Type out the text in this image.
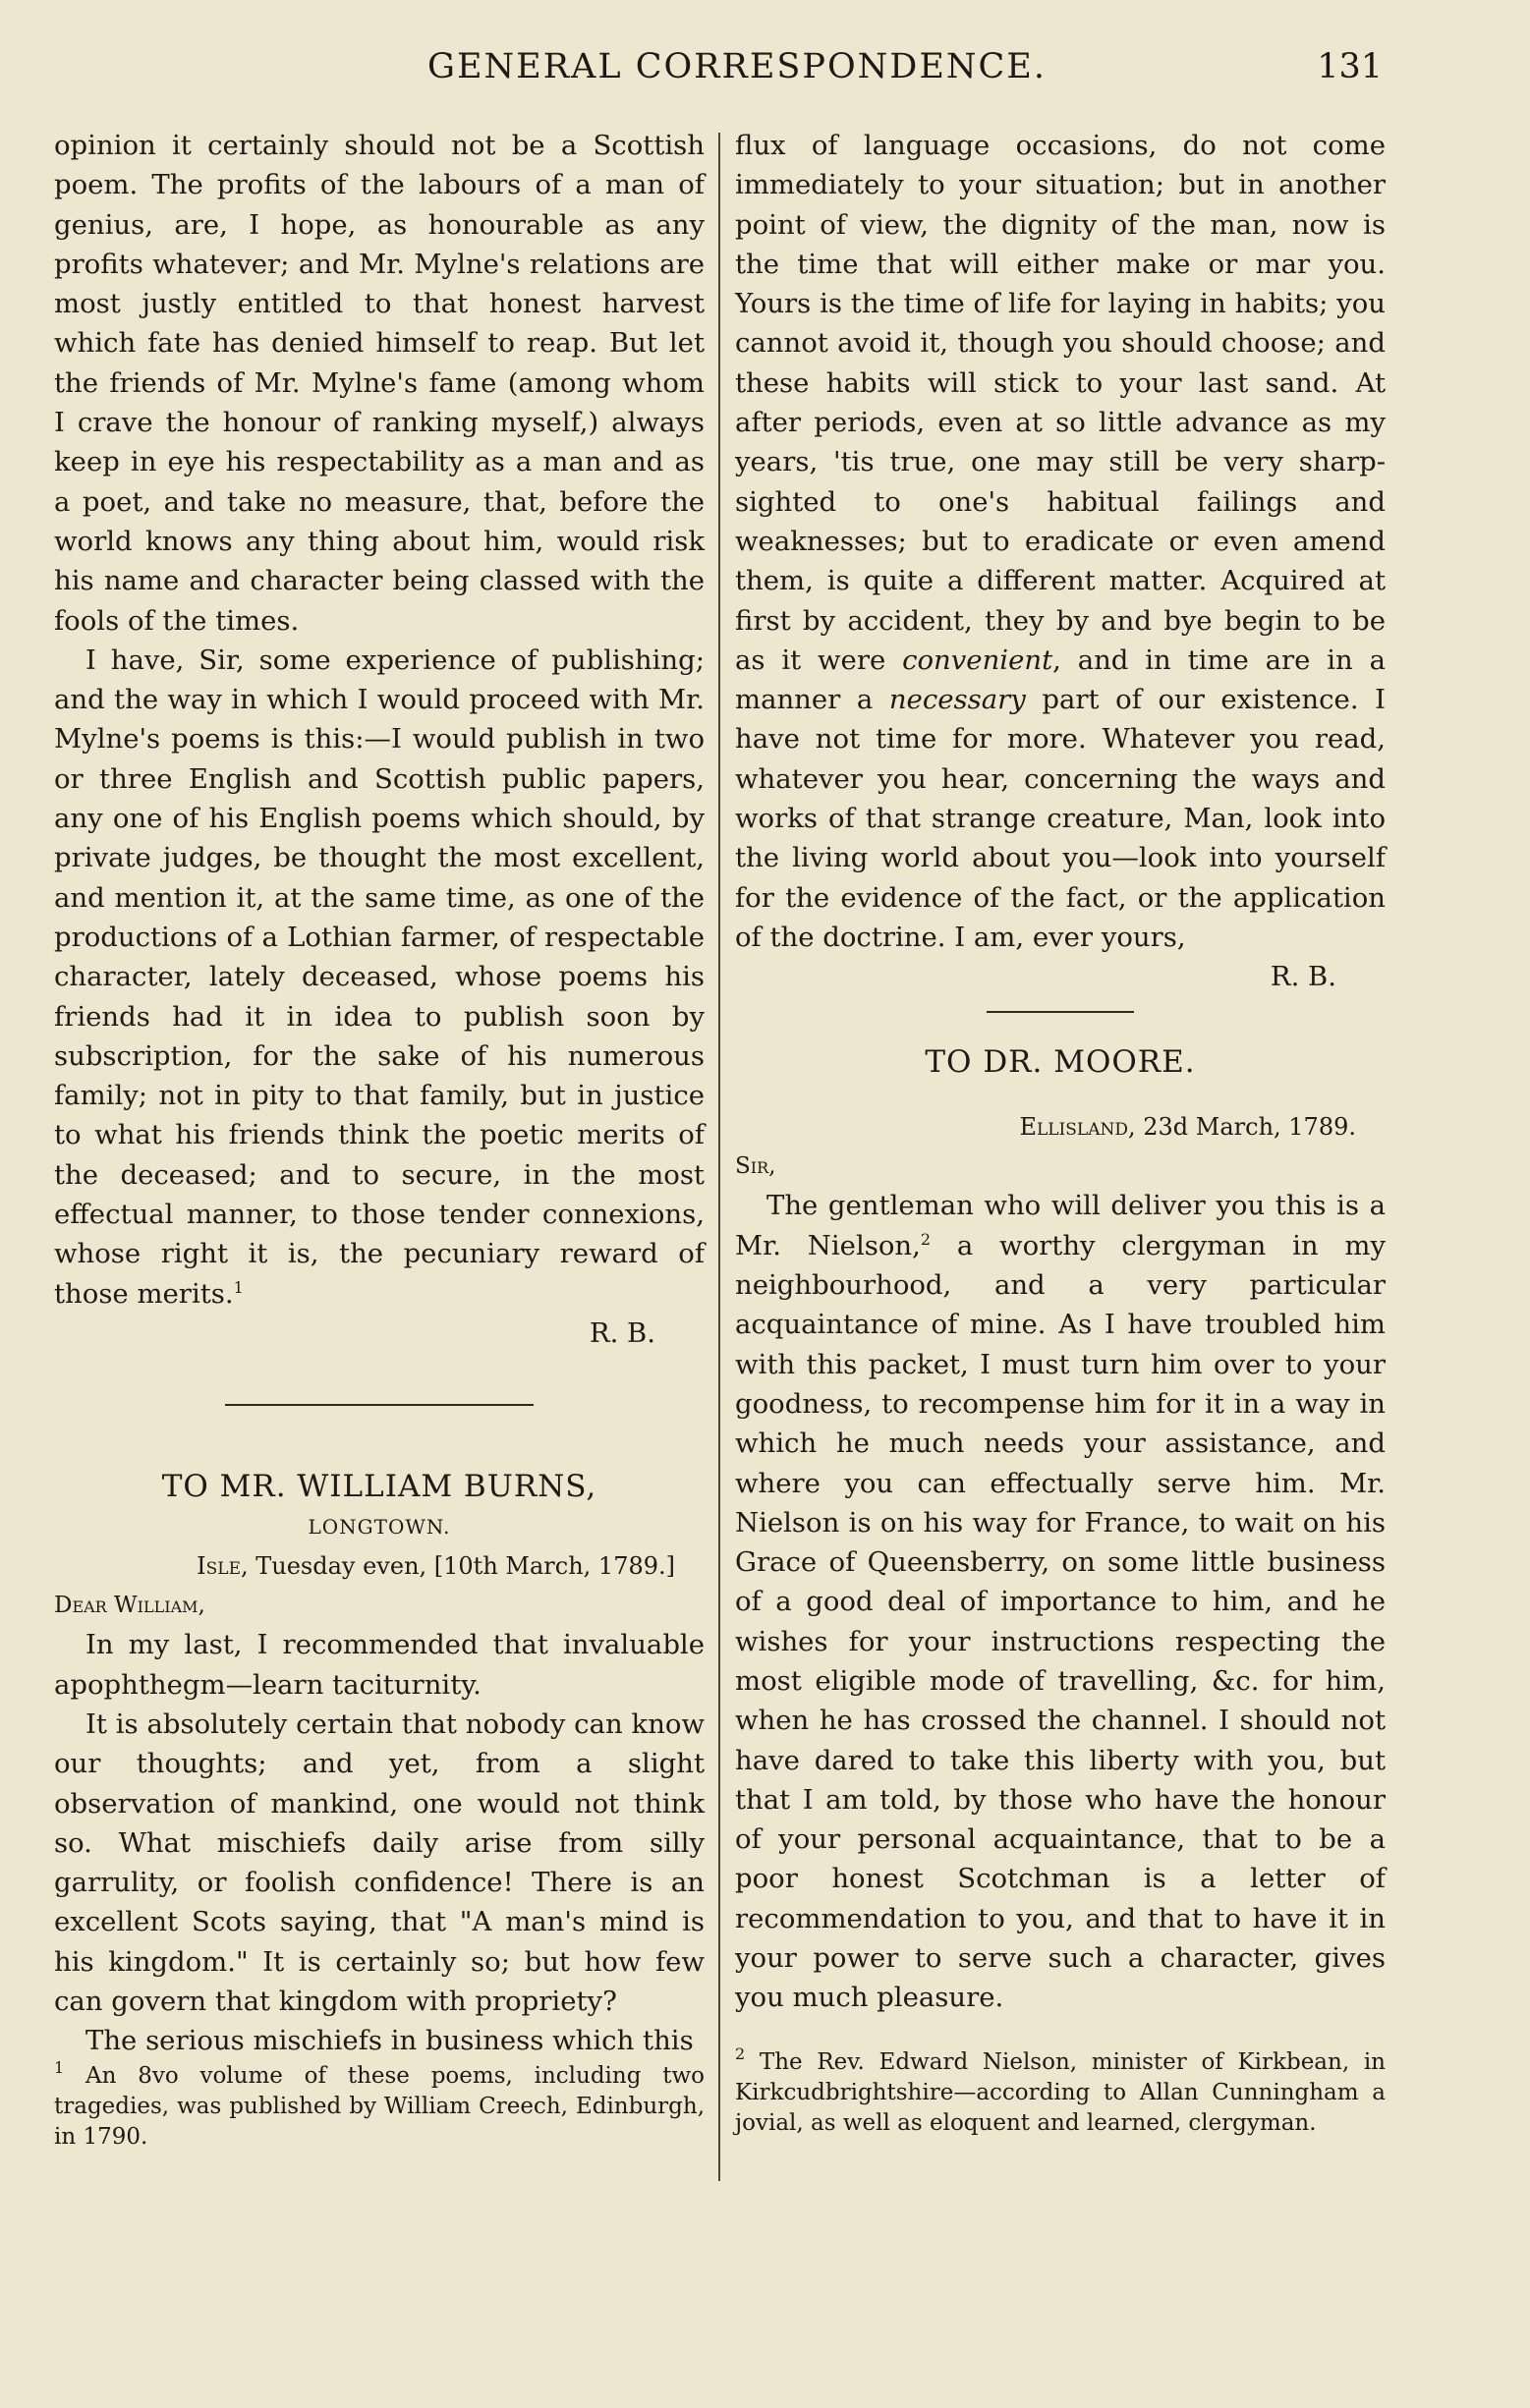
GENERAL CORRESPONDENCE.	131

opinion it certainly should not be a Scottish poem. The profits of the labours of a man of genius, are, I hope, as honourable as any profits whatever; and Mr. Mylne's relations are most justly entitled to that honest harvest which fate has denied himself to reap. But let the friends of Mr. Mylne's fame (among whom I crave the honour of ranking myself,) always keep in eye his respectability as a man and as a poet, and take no measure, that, before the world knows any thing about him, would risk his name and character being classed with the fools of the times.

I have, Sir, some experience of publishing; and the way in which I would proceed with Mr. Mylne's poems is this:—I would publish in two or three English and Scottish public papers, any one of his English poems which should, by private judges, be thought the most excellent, and mention it, at the same time, as one of the productions of a Lothian farmer, of respectable character, lately deceased, whose poems his friends had it in idea to publish soon by subscription, for the sake of his numerous family; not in pity to that family, but in justice to what his friends think the poetic merits of the deceased; and to secure, in the most effectual manner, to those tender connexions, whose right it is, the pecuniary reward of those merits.$^1$

R. B.

TO MR. WILLIAM BURNS,

LONGTOWN.

Isle, Tuesday even, [10th March, 1789.]

Dear William,

In my last, I recommended that invaluable apophthegm—learn taciturnity.

It is absolutely certain that nobody can know our thoughts; and yet, from a slight observation of mankind, one would not think so. What mischiefs daily arise from silly garrulity, or foolish confidence! There is an excellent Scots saying, that "A man's mind is his kingdom." It is certainly so; but how few can govern that kingdom with propriety?

The serious mischiefs in business which this

$^1$ An 8vo volume of these poems, including two tragedies, was published by William Creech, Edinburgh, in 1790.

flux of language occasions, do not come immediately to your situation; but in another point of view, the dignity of the man, now is the time that will either make or mar you. Yours is the time of life for laying in habits; you cannot avoid it, though you should choose; and these habits will stick to your last sand. At after periods, even at so little advance as my years, 'tis true, one may still be very sharp-sighted to one's habitual failings and weaknesses; but to eradicate or even amend them, is quite a different matter. Acquired at first by accident, they by and bye begin to be as it were convenient, and in time are in a manner a necessary part of our existence. I have not time for more. Whatever you read, whatever you hear, concerning the ways and works of that strange creature, Man, look into the living world about you—look into yourself for the evidence of the fact, or the application of the doctrine. I am, ever yours,

R. B.

TO DR. MOORE.

Ellisland, 23d March, 1789.

Sir,

The gentleman who will deliver you this is a Mr. Nielson,$^2$ a worthy clergyman in my neighbourhood, and a very particular acquaintance of mine. As I have troubled him with this packet, I must turn him over to your goodness, to recompense him for it in a way in which he much needs your assistance, and where you can effectually serve him. Mr. Nielson is on his way for France, to wait on his Grace of Queensberry, on some little business of a good deal of importance to him, and he wishes for your instructions respecting the most eligible mode of travelling, &c. for him, when he has crossed the channel. I should not have dared to take this liberty with you, but that I am told, by those who have the honour of your personal acquaintance, that to be a poor honest Scotchman is a letter of recommendation to you, and that to have it in your power to serve such a character, gives you much pleasure.

$^2$ The Rev. Edward Nielson, minister of Kirkbean, in Kirkcudbrightshire—according to Allan Cunningham a jovial, as well as eloquent and learned, clergyman.
